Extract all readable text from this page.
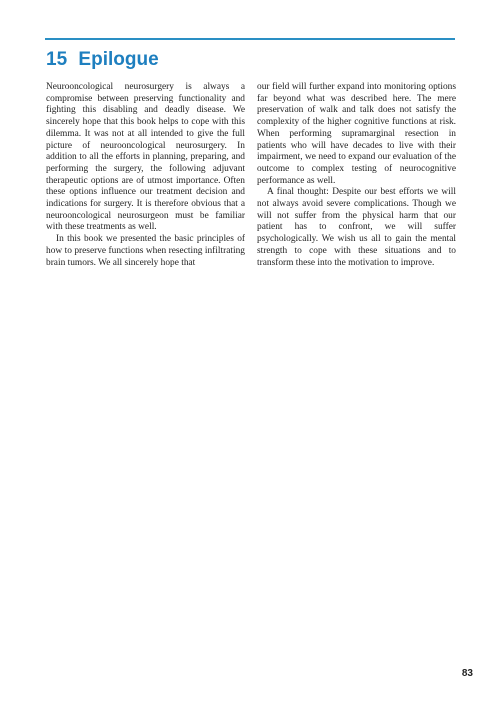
15 Epilogue

Neurooncological neurosurgery is always a compromise between preserving functionality and fighting this disabling and deadly disease. We sincerely hope that this book helps to cope with this dilemma. It was not at all intended to give the full picture of neurooncological neurosurgery. In addition to all the efforts in planning, preparing, and performing the surgery, the following adjuvant therapeutic options are of utmost importance. Often these options influence our treatment decision and indications for surgery. It is therefore obvious that a neurooncological neurosurgeon must be familiar with these treatments as well.

In this book we presented the basic principles of how to preserve functions when resecting infiltrating brain tumors. We all sincerely hope that

our field will further expand into monitoring options far beyond what was described here. The mere preservation of walk and talk does not satisfy the complexity of the higher cognitive functions at risk. When performing supramarginal resection in patients who will have decades to live with their impairment, we need to expand our evaluation of the outcome to complex testing of neurocognitive performance as well.

A final thought: Despite our best efforts we will not always avoid severe complications. Though we will not suffer from the physical harm that our patient has to confront, we will suffer psychologically. We wish us all to gain the mental strength to cope with these situations and to transform these into the motivation to improve.

83
